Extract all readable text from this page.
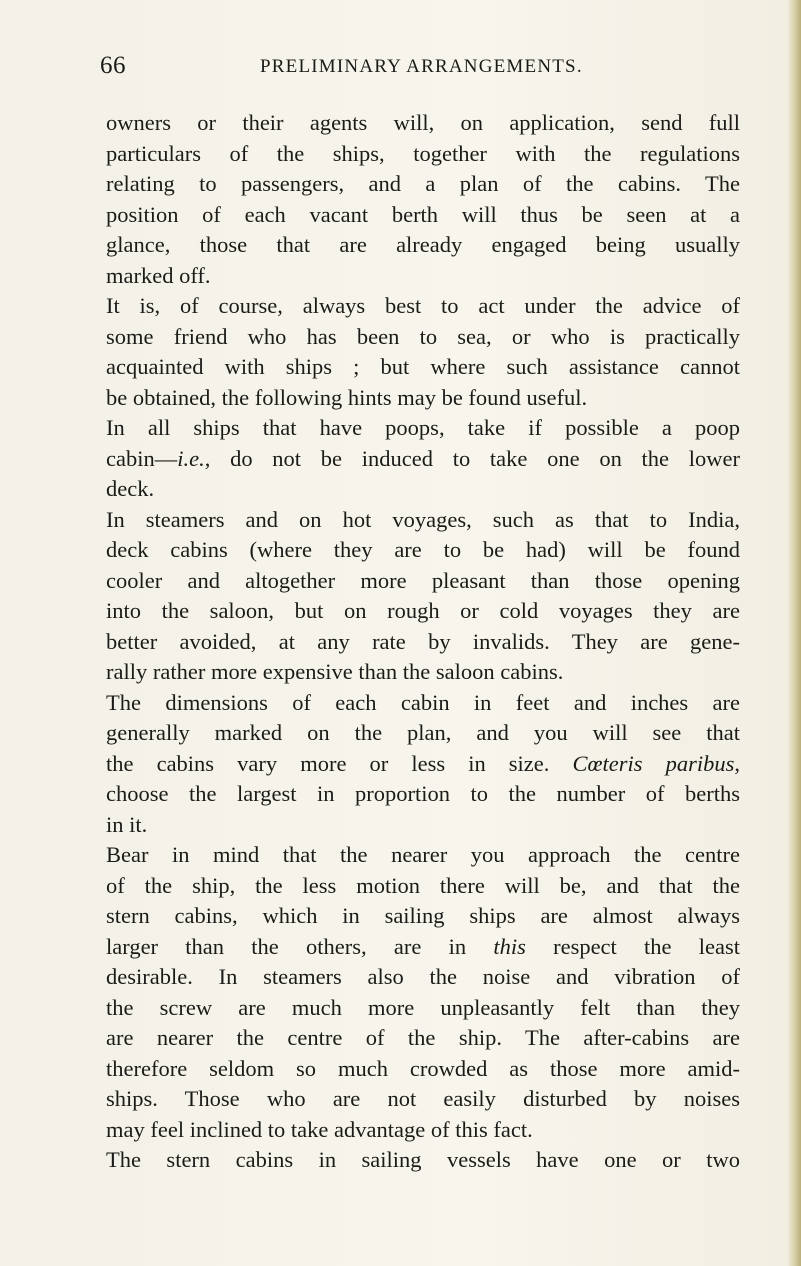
66	PRELIMINARY ARRANGEMENTS.
owners or their agents will, on application, send full
particulars of the ships, together with the regulations
relating to passengers, and a plan of the cabins. The
position of each vacant berth will thus be seen at a
glance, those that are already engaged being usually
marked off.
It is, of course, always best to act under the advice of
some friend who has been to sea, or who is practically
acquainted with ships ; but where such assistance cannot
be obtained, the following hints may be found useful.
In all ships that have poops, take if possible a poop
cabin—i.e., do not be induced to take one on the lower
deck.
In steamers and on hot voyages, such as that to India,
deck cabins (where they are to be had) will be found
cooler and altogether more pleasant than those opening
into the saloon, but on rough or cold voyages they are
better avoided, at any rate by invalids. They are gene-
rally rather more expensive than the saloon cabins.
The dimensions of each cabin in feet and inches are
generally marked on the plan, and you will see that
the cabins vary more or less in size. Cœteris paribus,
choose the largest in proportion to the number of berths
in it.
Bear in mind that the nearer you approach the centre
of the ship, the less motion there will be, and that the
stern cabins, which in sailing ships are almost always
larger than the others, are in this respect the least
desirable. In steamers also the noise and vibration of
the screw are much more unpleasantly felt than they
are nearer the centre of the ship. The after-cabins are
therefore seldom so much crowded as those more amid-
ships. Those who are not easily disturbed by noises
may feel inclined to take advantage of this fact.
The stern cabins in sailing vessels have one or two
